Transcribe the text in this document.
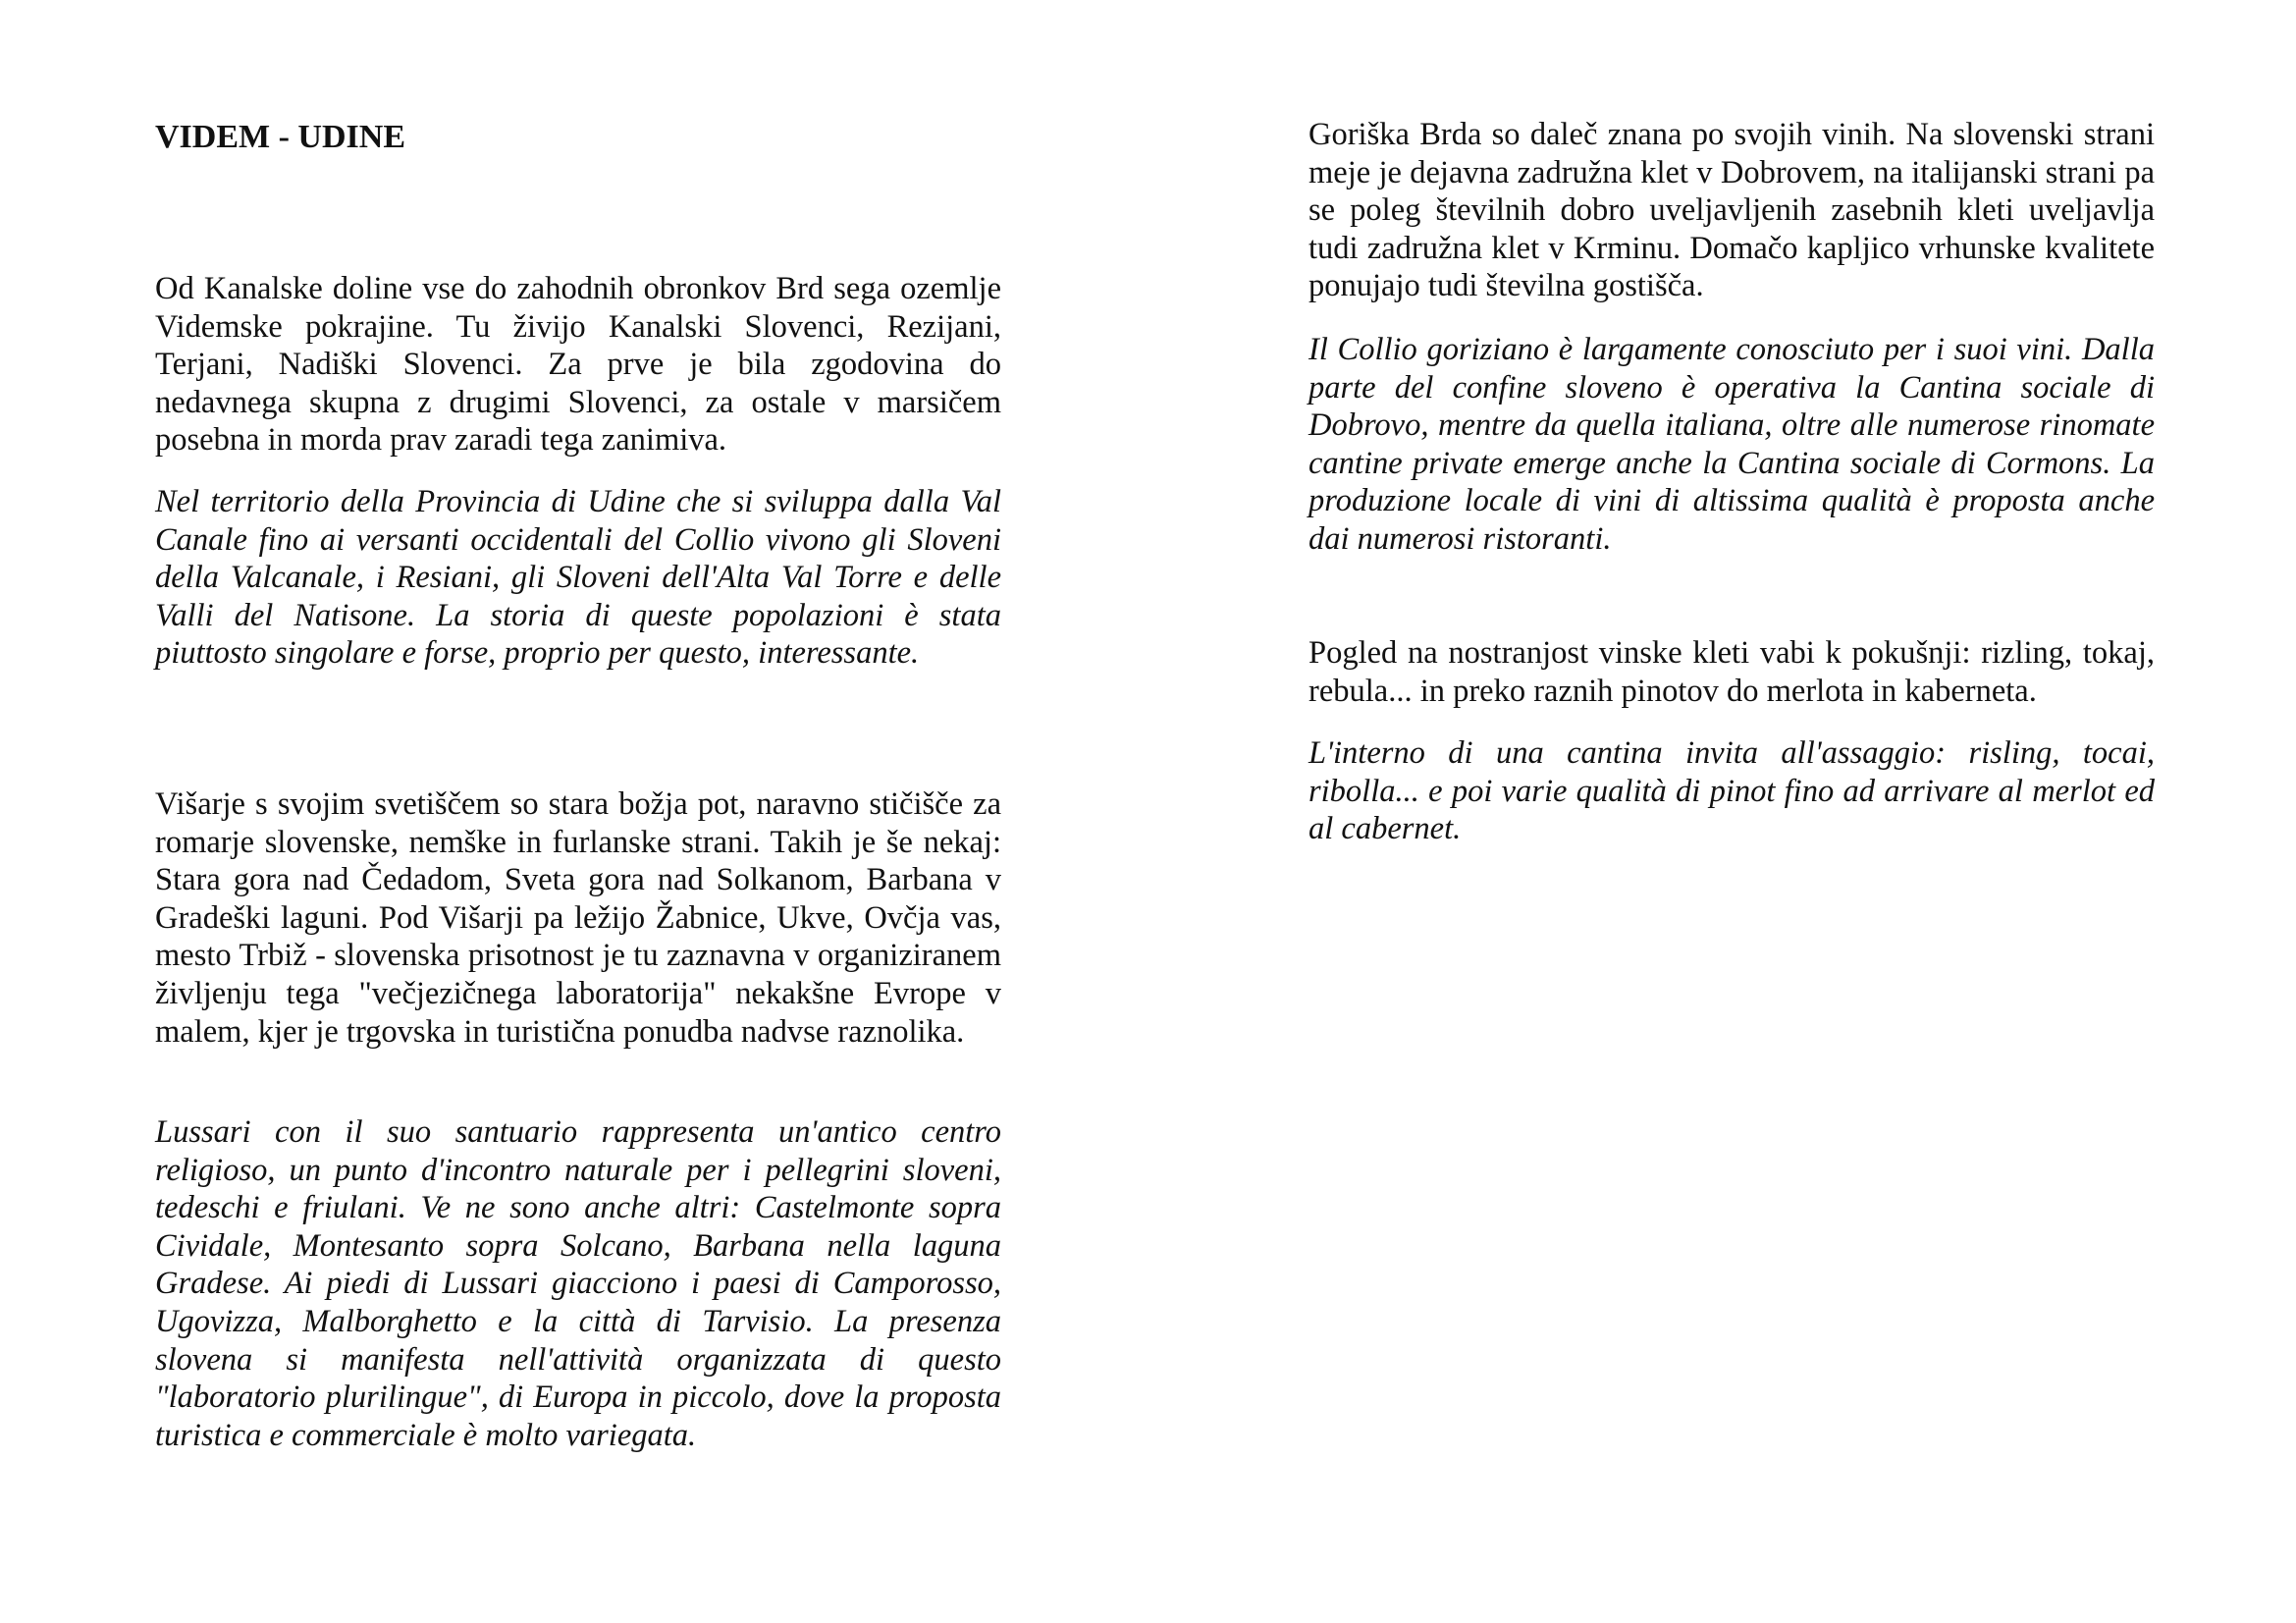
VIDEM - UDINE

Od Kanalske doline vse do zahodnih obronkov Brd sega ozemlje Videmske pokrajine. Tu živijo Kanalski Slovenci, Rezijani, Terjani, Nadiški Slovenci. Za prve je bila zgodovina do nedavnega skupna z drugimi Slovenci, za ostale v marsičem posebna in morda prav zaradi tega zanimiva.

Nel territorio della Provincia di Udine che si sviluppa dalla Val Canale fino ai versanti occidentali del Collio vivono gli Sloveni della Valcanale, i Resiani, gli Sloveni dell'Alta Val Torre e delle Valli del Natisone. La storia di queste popolazioni è stata piuttosto singolare e forse, proprio per questo, interessante.

Višarje s svojim svetiščem so stara božja pot, naravno stičišče za romarje slovenske, nemške in furlanske strani. Takih je še nekaj: Stara gora nad Čedadom, Sveta gora nad Solkanom, Barbana v Gradeški laguni. Pod Višarji pa ležijo Žabnice, Ukve, Ovčja vas, mesto Trbiž - slovenska prisotnost je tu zaznavna v organiziranem življenju tega "večjezičnega laboratorija" nekakšne Evrope v malem, kjer je trgovska in turistična ponudba nadvse raznolika.

Lussari con il suo santuario rappresenta un'antico centro religioso, un punto d'incontro naturale per i pellegrini sloveni, tedeschi e friulani. Ve ne sono anche altri: Castelmonte sopra Cividale, Montesanto sopra Solcano, Barbana nella laguna Gradese. Ai piedi di Lussari giacciono i paesi di Camporosso, Ugovizza, Malborghetto e la città di Tarvisio. La presenza slovena si manifesta nell'attività organizzata di questo "laboratorio plurilingue", di Europa in piccolo, dove la proposta turistica e commerciale è molto variegata.

Goriška Brda so daleč znana po svojih vinih. Na slovenski strani meje je dejavna zadružna klet v Dobrovem, na italijanski strani pa se poleg številnih dobro uveljavljenih zasebnih kleti uveljavlja tudi zadružna klet v Krminu. Domačo kapljico vrhunske kvalitete ponujajo tudi številna gostišča.

Il Collio goriziano è largamente conosciuto per i suoi vini. Dalla parte del confine sloveno è operativa la Cantina sociale di Dobrovo, mentre da quella italiana, oltre alle numerose rinomate cantine private emerge anche la Cantina sociale di Cormons. La produzione locale di vini di altissima qualità è proposta anche dai numerosi ristoranti.

Pogled na nostranjost vinske kleti vabi k pokušnji: rizling, tokaj, rebula... in preko raznih pinotov do merlota in kaberneta.

L'interno di una cantina invita all'assaggio: risling, tocai, ribolla... e poi varie qualità di pinot fino ad arrivare al merlot ed al cabernet.
